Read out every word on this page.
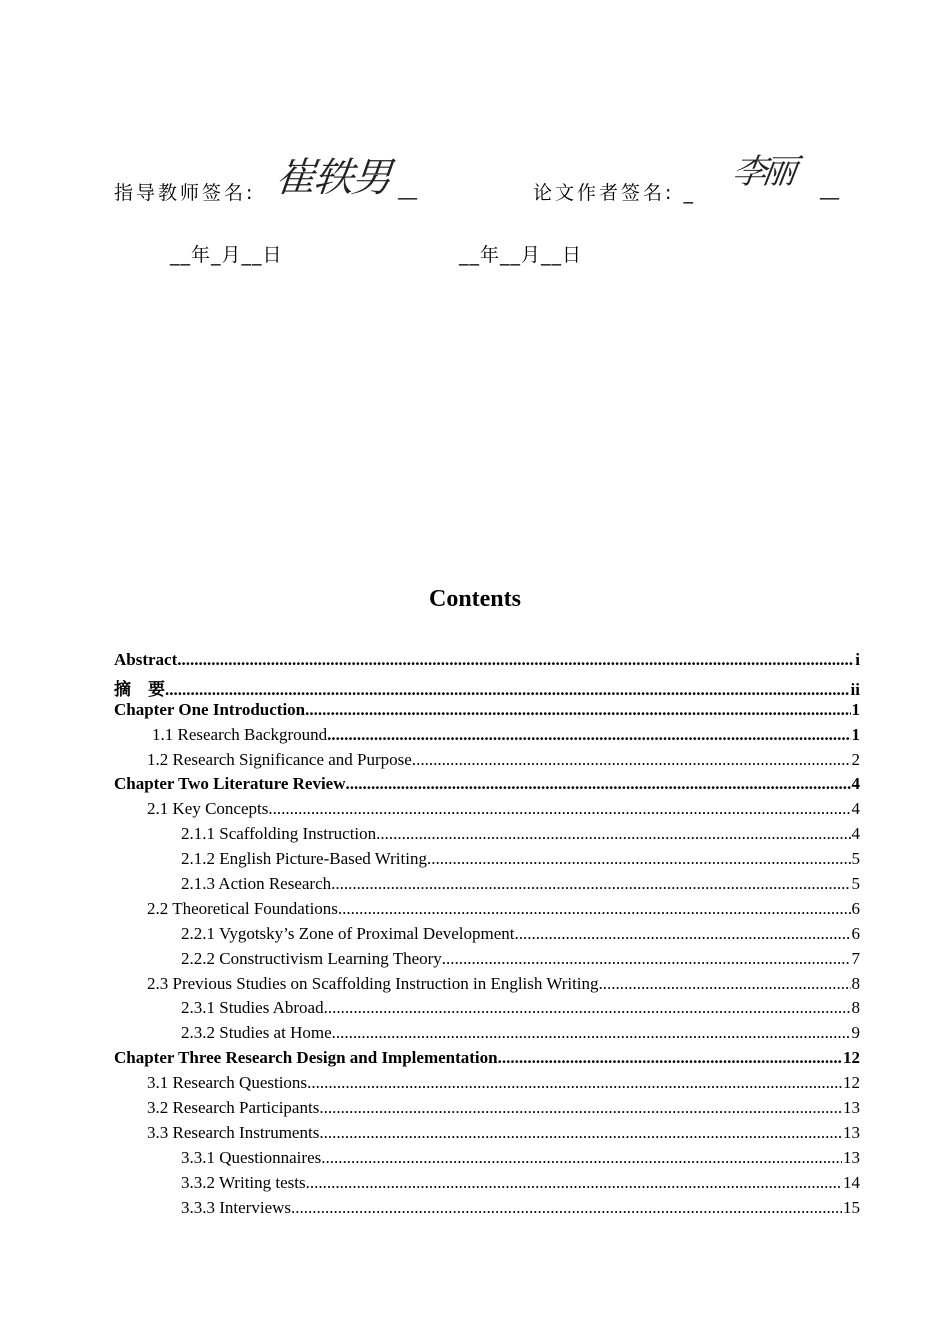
指导教师签名: 崔轶男 __	论文作者签名: _
李丽 __
__年_月__日	__年__月__日
Contents
Abstract .....	i
摘　要 .....	ii
Chapter One Introduction .....	1
1.1 Research Background .....	1
1.2 Research Significance and Purpose .....	2
Chapter Two Literature Review .....	4
2.1 Key Concepts .....	4
2.1.1 Scaffolding Instruction .....	4
2.1.2 English Picture-Based Writing .....	5
2.1.3 Action Research .....	5
2.2 Theoretical Foundations .....	6
2.2.1 Vygotsky’s Zone of Proximal Development .....	6
2.2.2 Constructivism Learning Theory .....	7
2.3 Previous Studies on Scaffolding Instruction in English Writing .....	8
2.3.1 Studies Abroad .....	8
2.3.2 Studies at Home .....	9
Chapter Three Research Design and Implementation .....	12
3.1 Research Questions .....	12
3.2 Research Participants .....	13
3.3 Research Instruments .....	13
3.3.1 Questionnaires .....	13
3.3.2 Writing tests .....	14
3.3.3 Interviews .....	15
